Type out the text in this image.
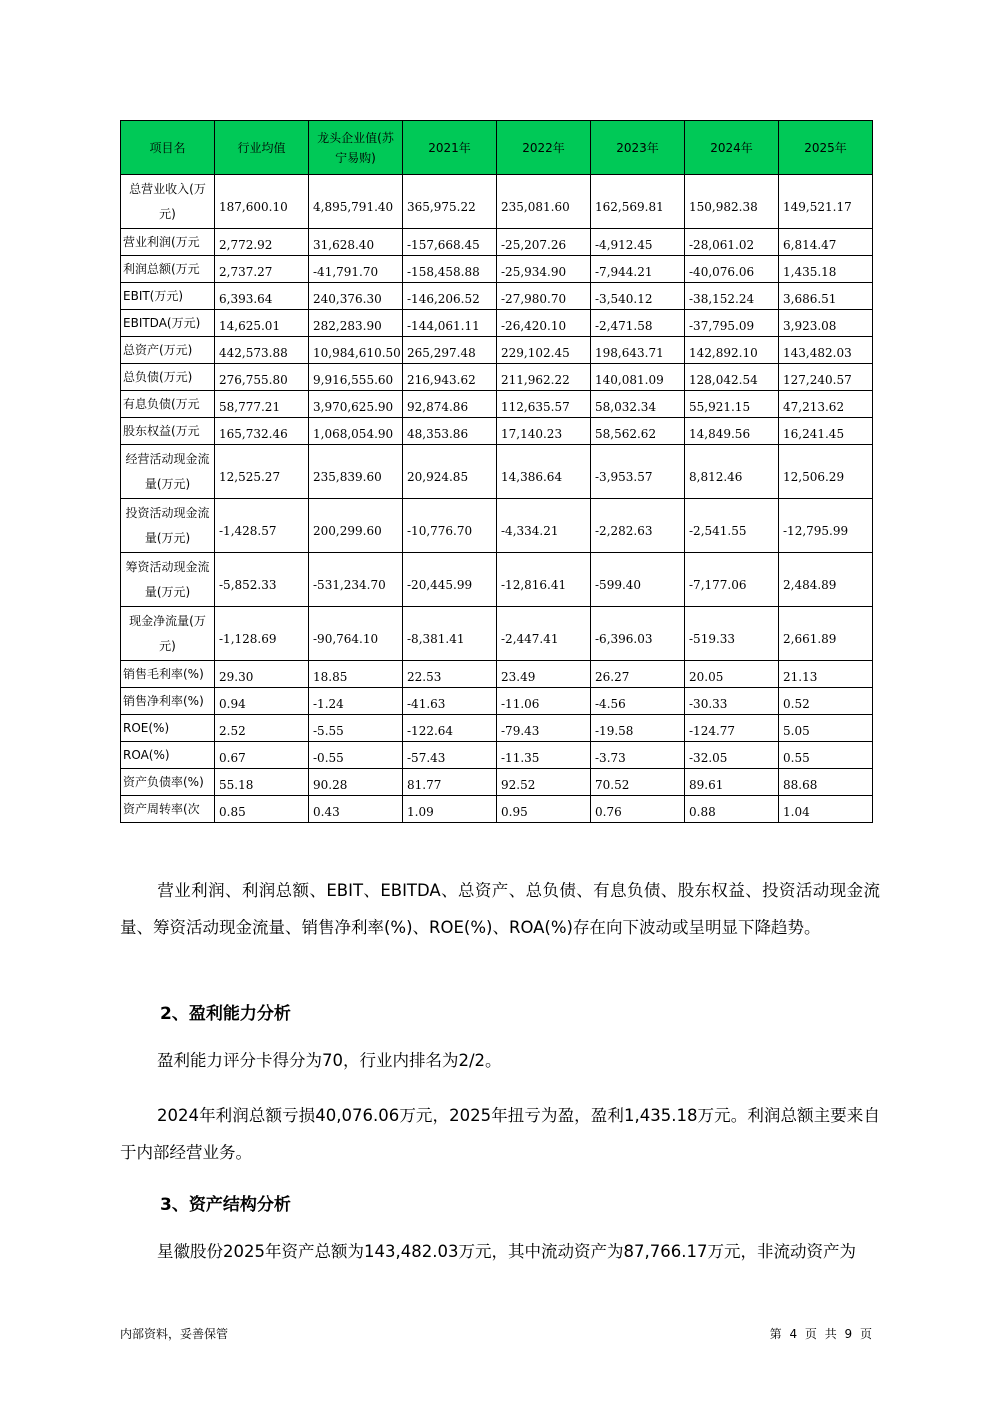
项目名	行业均值	龙头企业值(苏宁易购)	2021年	2022年	2023年	2024年	2025年
总营业收入(万元)	187,600.10	4,895,791.40	365,975.22	235,081.60	162,569.81	150,982.38	149,521.17
营业利润(万元	2,772.92	31,628.40	-157,668.45	-25,207.26	-4,912.45	-28,061.02	6,814.47
利润总额(万元	2,737.27	-41,791.70	-158,458.88	-25,934.90	-7,944.21	-40,076.06	1,435.18
EBIT(万元)	6,393.64	240,376.30	-146,206.52	-27,980.70	-3,540.12	-38,152.24	3,686.51
EBITDA(万元)	14,625.01	282,283.90	-144,061.11	-26,420.10	-2,471.58	-37,795.09	3,923.08
总资产(万元)	442,573.88	10,984,610.50	265,297.48	229,102.45	198,643.71	142,892.10	143,482.03
总负债(万元)	276,755.80	9,916,555.60	216,943.62	211,962.22	140,081.09	128,042.54	127,240.57
有息负债(万元	58,777.21	3,970,625.90	92,874.86	112,635.57	58,032.34	55,921.15	47,213.62
股东权益(万元	165,732.46	1,068,054.90	48,353.86	17,140.23	58,562.62	14,849.56	16,241.45
经营活动现金流量(万元)	12,525.27	235,839.60	20,924.85	14,386.64	-3,953.57	8,812.46	12,506.29
投资活动现金流量(万元)	-1,428.57	200,299.60	-10,776.70	-4,334.21	-2,282.63	-2,541.55	-12,795.99
筹资活动现金流量(万元)	-5,852.33	-531,234.70	-20,445.99	-12,816.41	-599.40	-7,177.06	2,484.89
现金净流量(万元)	-1,128.69	-90,764.10	-8,381.41	-2,447.41	-6,396.03	-519.33	2,661.89
销售毛利率(%)	29.30	18.85	22.53	23.49	26.27	20.05	21.13
销售净利率(%)	0.94	-1.24	-41.63	-11.06	-4.56	-30.33	0.52
ROE(%)	2.52	-5.55	-122.64	-79.43	-19.58	-124.77	5.05
ROA(%)	0.67	-0.55	-57.43	-11.35	-3.73	-32.05	0.55
资产负债率(%)	55.18	90.28	81.77	92.52	70.52	89.61	88.68
资产周转率(次	0.85	0.43	1.09	0.95	0.76	0.88	1.04

营业利润、利润总额、EBIT、EBITDA、总资产、总负债、有息负债、股东权益、投资活动现金流量、筹资活动现金流量、销售净利率(%)、ROE(%)、ROA(%)存在向下波动或呈明显下降趋势。

2、盈利能力分析

盈利能力评分卡得分为70，行业内排名为2/2。

2024年利润总额亏损40,076.06万元，2025年扭亏为盈，盈利1,435.18万元。利润总额主要来自于内部经营业务。

3、资产结构分析

星徽股份2025年资产总额为143,482.03万元，其中流动资产为87,766.17万元，非流动资产为

内部资料，妥善保管	第 4 页 共 9 页
